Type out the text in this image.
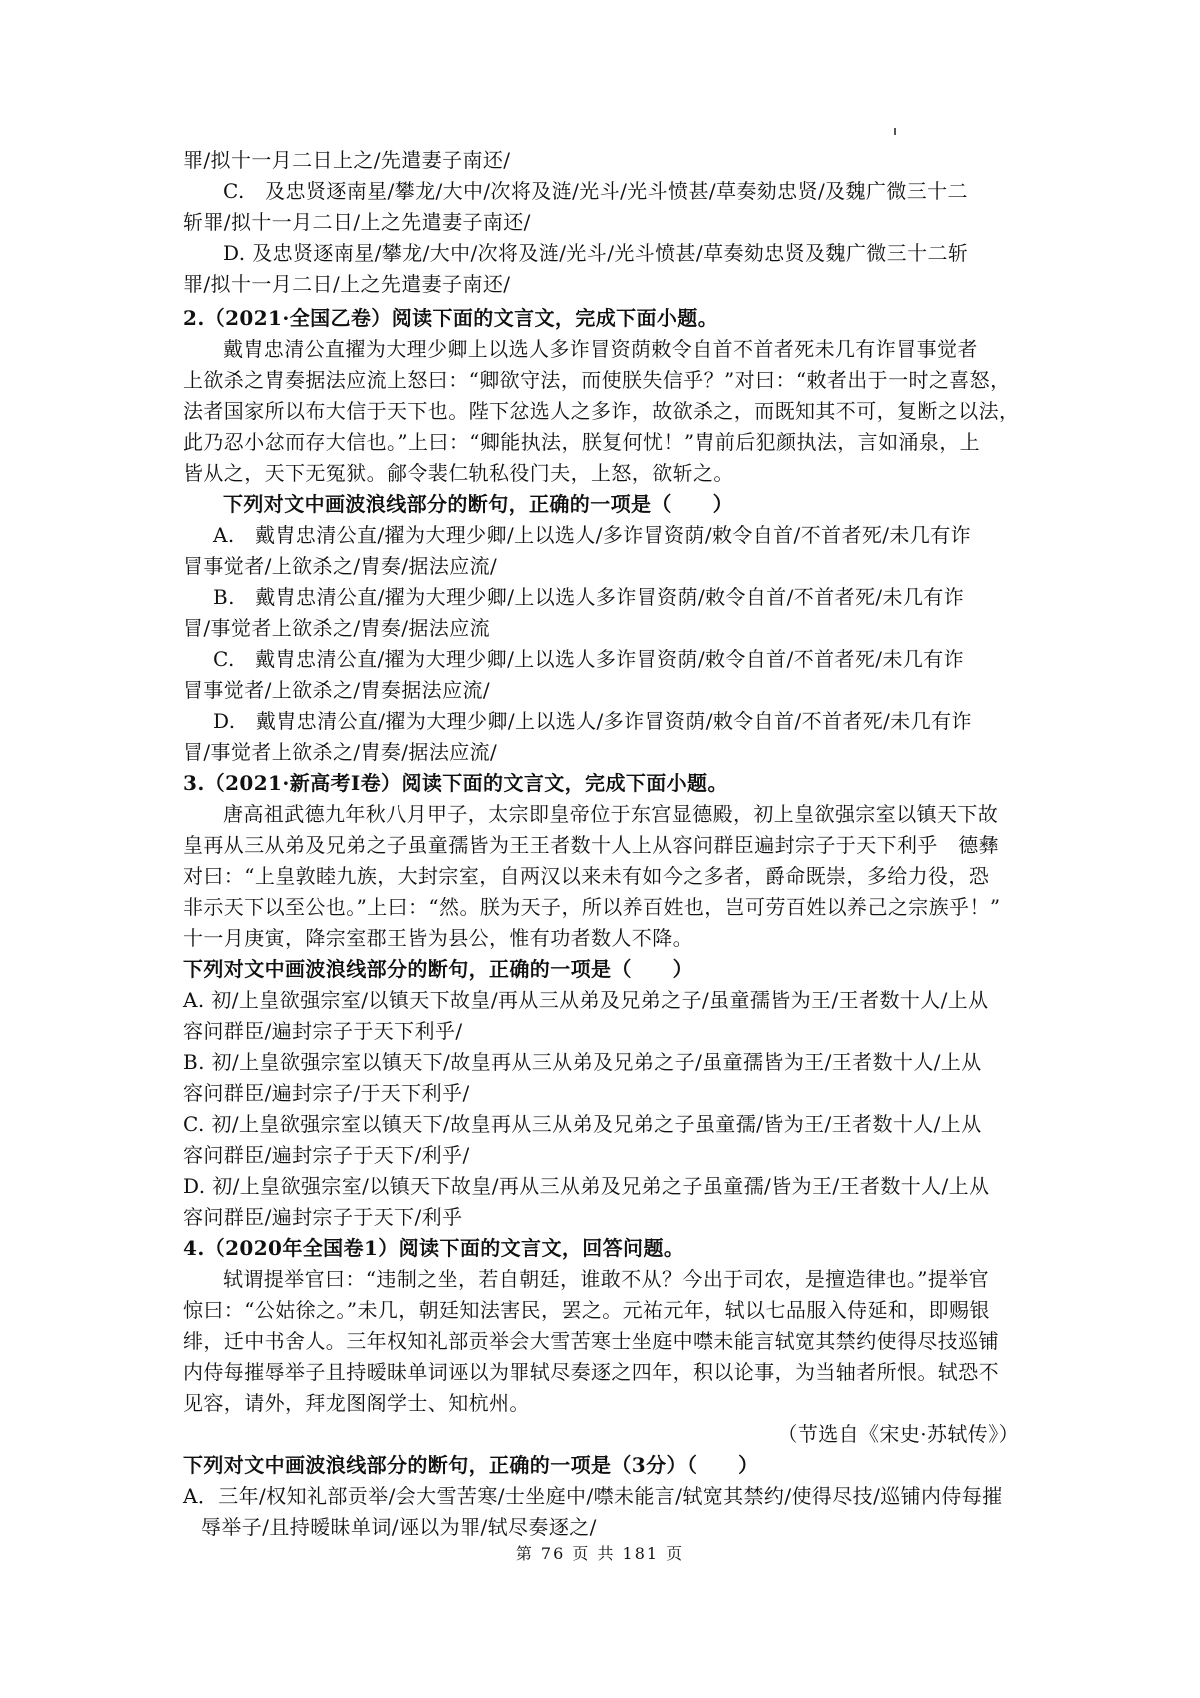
罪/拟十一月二日上之/先遣妻子南还/
C.　及忠贤逐南星/攀龙/大中/次将及涟/光斗/光斗愤甚/草奏劾忠贤/及魏广微三十二
斩罪/拟十一月二日/上之先遣妻子南还/
D. 及忠贤逐南星/攀龙/大中/次将及涟/光斗/光斗愤甚/草奏劾忠贤及魏广微三十二斩
罪/拟十一月二日/上之先遣妻子南还/
2.（2021·全国乙卷）阅读下面的文言文，完成下面小题。
戴胄忠清公直擢为大理少卿上以选人多诈冒资荫敕令自首不首者死未几有诈冒事觉者
上欲杀之胄奏据法应流上怒曰：“卿欲守法，而使朕失信乎？”对曰：“敕者出于一时之喜怒，
法者国家所以布大信于天下也。陛下忿选人之多诈，故欲杀之，而既知其不可，复断之以法，
此乃忍小忿而存大信也。”上曰：“卿能执法，朕复何忧！”胄前后犯颜执法，言如涌泉，上
皆从之，天下无冤狱。鄃令裴仁轨私役门夫，上怒，欲斩之。
下列对文中画波浪线部分的断句，正确的一项是（　　）
A.　戴胄忠清公直/擢为大理少卿/上以选人/多诈冒资荫/敕令自首/不首者死/未几有诈
冒事觉者/上欲杀之/胄奏/据法应流/
B.　戴胄忠清公直/擢为大理少卿/上以选人多诈冒资荫/敕令自首/不首者死/未几有诈
冒/事觉者上欲杀之/胄奏/据法应流
C.　戴胄忠清公直/擢为大理少卿/上以选人多诈冒资荫/敕令自首/不首者死/未几有诈
冒事觉者/上欲杀之/胄奏据法应流/
D.　戴胄忠清公直/擢为大理少卿/上以选人/多诈冒资荫/敕令自首/不首者死/未几有诈
冒/事觉者上欲杀之/胄奏/据法应流/
3.（2021·新高考Ⅰ卷）阅读下面的文言文，完成下面小题。
唐高祖武德九年秋八月甲子，太宗即皇帝位于东宫显德殿，初上皇欲强宗室以镇天下故
皇再从三从弟及兄弟之子虽童孺皆为王王者数十人上从容问群臣遍封宗子于天下利乎　德彝
对曰：“上皇敦睦九族，大封宗室，自两汉以来未有如今之多者，爵命既崇，多给力役，恐
非示天下以至公也。”上曰：“然。朕为天子，所以养百姓也，岂可劳百姓以养己之宗族乎！”
十一月庚寅，降宗室郡王皆为县公，惟有功者数人不降。
下列对文中画波浪线部分的断句，正确的一项是（　　）
A. 初/上皇欲强宗室/以镇天下故皇/再从三从弟及兄弟之子/虽童孺皆为王/王者数十人/上从
容问群臣/遍封宗子于天下利乎/
B. 初/上皇欲强宗室以镇天下/故皇再从三从弟及兄弟之子/虽童孺皆为王/王者数十人/上从
容问群臣/遍封宗子/于天下利乎/
C. 初/上皇欲强宗室以镇天下/故皇再从三从弟及兄弟之子虽童孺/皆为王/王者数十人/上从
容问群臣/遍封宗子于天下/利乎/
D. 初/上皇欲强宗室/以镇天下故皇/再从三从弟及兄弟之子虽童孺/皆为王/王者数十人/上从
容问群臣/遍封宗子于天下/利乎
4.（2020年全国卷1）阅读下面的文言文，回答问题。
轼谓提举官曰：“违制之坐，若自朝廷，谁敢不从？今出于司农，是擅造律也。”提举官
惊曰：“公姑徐之。”未几，朝廷知法害民，罢之。元祐元年，轼以七品服入侍延和，即赐银
绯，迁中书舍人。三年权知礼部贡举会大雪苦寒士坐庭中噤未能言轼宽其禁约使得尽技巡铺
内侍每摧辱举子且持暧昧单词诬以为罪轼尽奏逐之四年，积以论事，为当轴者所恨。轼恐不
见容，请外，拜龙图阁学士、知杭州。
（节选自《宋史·苏轼传》）
下列对文中画波浪线部分的断句，正确的一项是（3分）（　　）
A．三年/权知礼部贡举/会大雪苦寒/士坐庭中/噤未能言/轼宽其禁约/使得尽技/巡铺内侍每摧
辱举子/且持暧昧单词/诬以为罪/轼尽奏逐之/
第 76 页 共 181 页
